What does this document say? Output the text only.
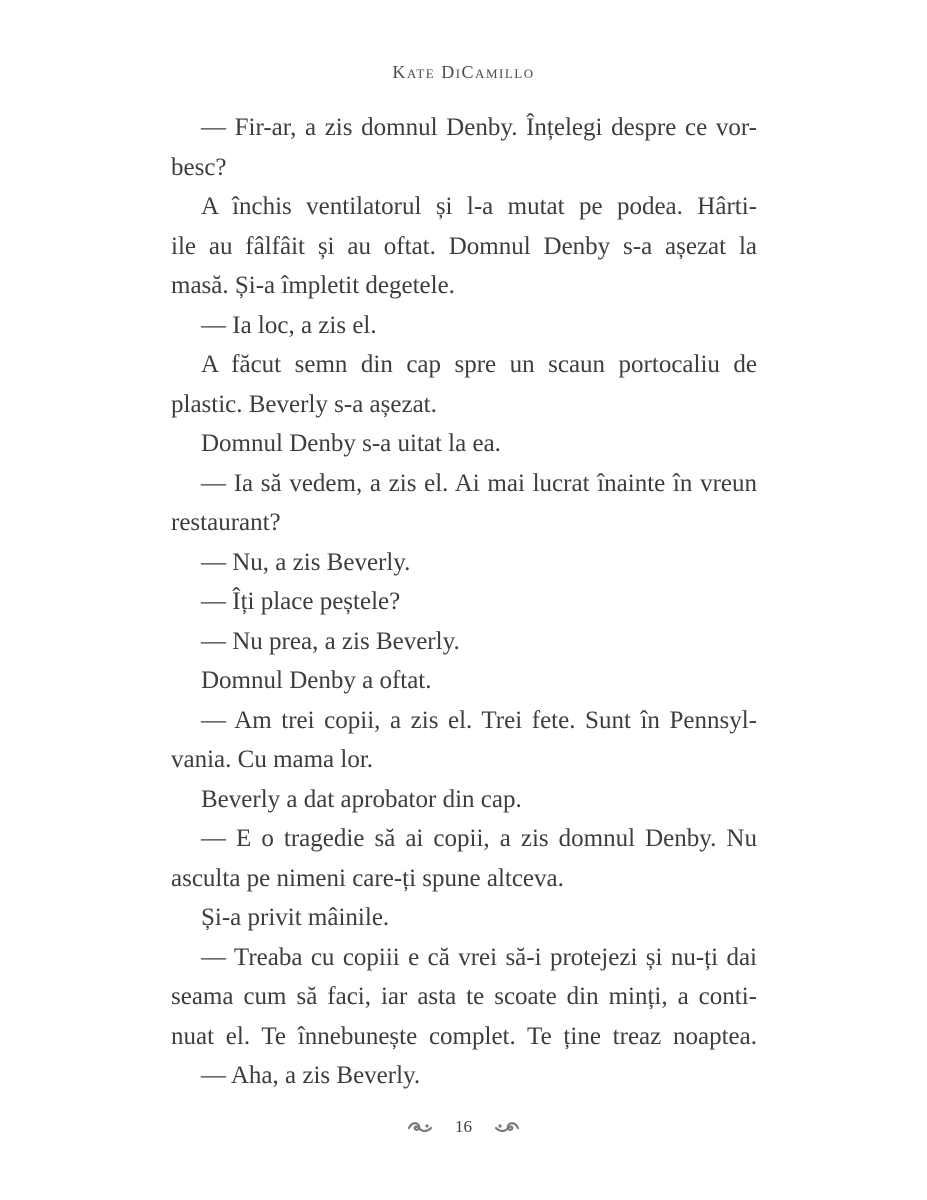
Kate DiCamillo
— Fir-ar, a zis domnul Denby. Înțelegi despre ce vor-
besc?
A închis ventilatorul și l-a mutat pe podea. Hârti-
ile au fâlfâit și au oftat. Domnul Denby s-a așezat la
masă. Și-a împletit degetele.
— Ia loc, a zis el.
A făcut semn din cap spre un scaun portocaliu de
plastic. Beverly s-a așezat.
Domnul Denby s-a uitat la ea.
— Ia să vedem, a zis el. Ai mai lucrat înainte în vreun
restaurant?
— Nu, a zis Beverly.
— Îți place peștele?
— Nu prea, a zis Beverly.
Domnul Denby a oftat.
— Am trei copii, a zis el. Trei fete. Sunt în Pennsyl-
vania. Cu mama lor.
Beverly a dat aprobator din cap.
— E o tragedie să ai copii, a zis domnul Denby. Nu
asculta pe nimeni care-ți spune altceva.
Și-a privit mâinile.
— Treaba cu copiii e că vrei să-i protejezi și nu-ți dai
seama cum să faci, iar asta te scoate din minți, a conti-
nuat el. Te înnebunește complet. Te ține treaz noaptea.
— Aha, a zis Beverly.
16
